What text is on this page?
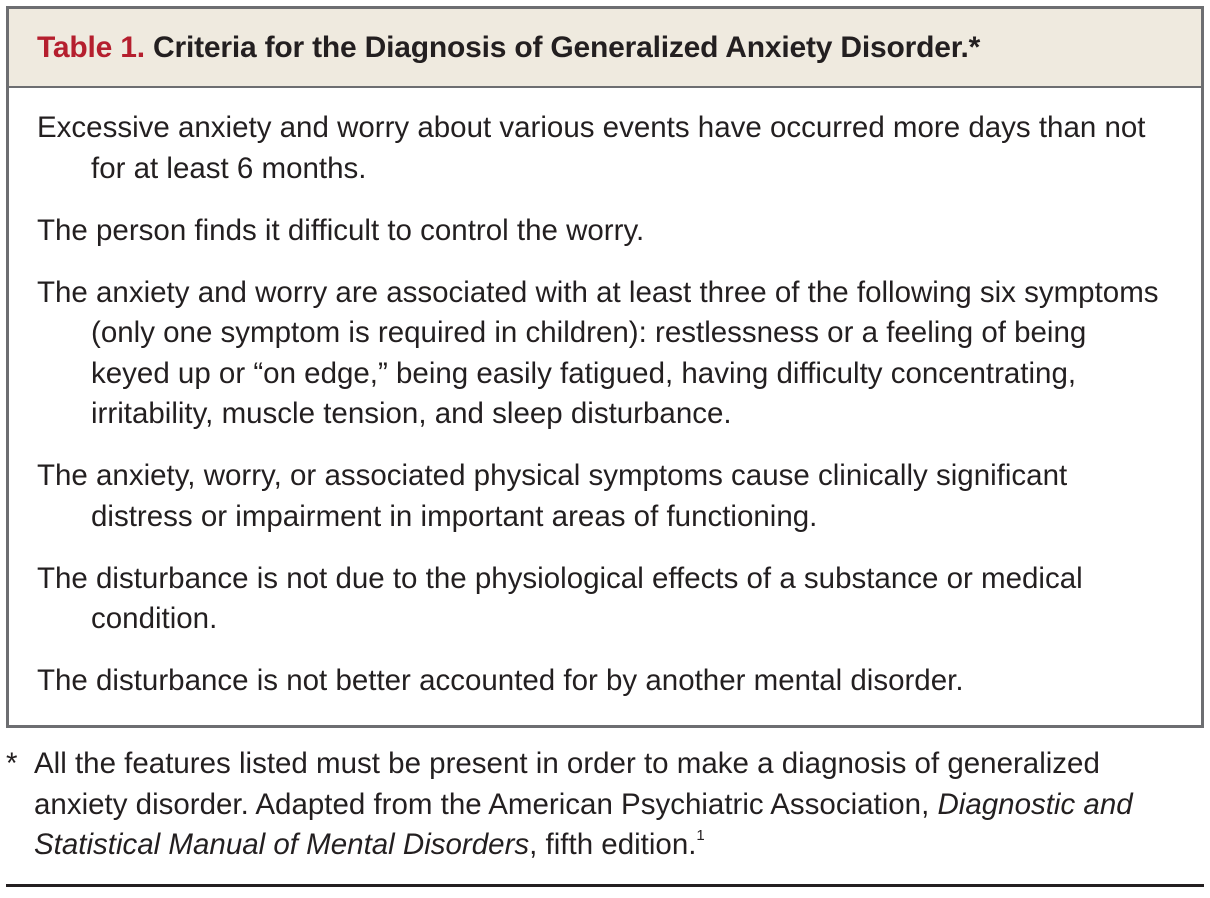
Table 1. Criteria for the Diagnosis of Generalized Anxiety Disorder.*
Excessive anxiety and worry about various events have occurred more days than not for at least 6 months.
The person finds it difficult to control the worry.
The anxiety and worry are associated with at least three of the following six symptoms (only one symptom is required in children): restlessness or a feeling of being keyed up or “on edge,” being easily fatigued, having difficulty concentrating, irritability, muscle tension, and sleep disturbance.
The anxiety, worry, or associated physical symptoms cause clinically significant distress or impairment in important areas of functioning.
The disturbance is not due to the physiological effects of a substance or medical condition.
The disturbance is not better accounted for by another mental disorder.
* All the features listed must be present in order to make a diagnosis of generalized anxiety disorder. Adapted from the American Psychiatric Association, Diagnostic and Statistical Manual of Mental Disorders, fifth edition.$^1$
